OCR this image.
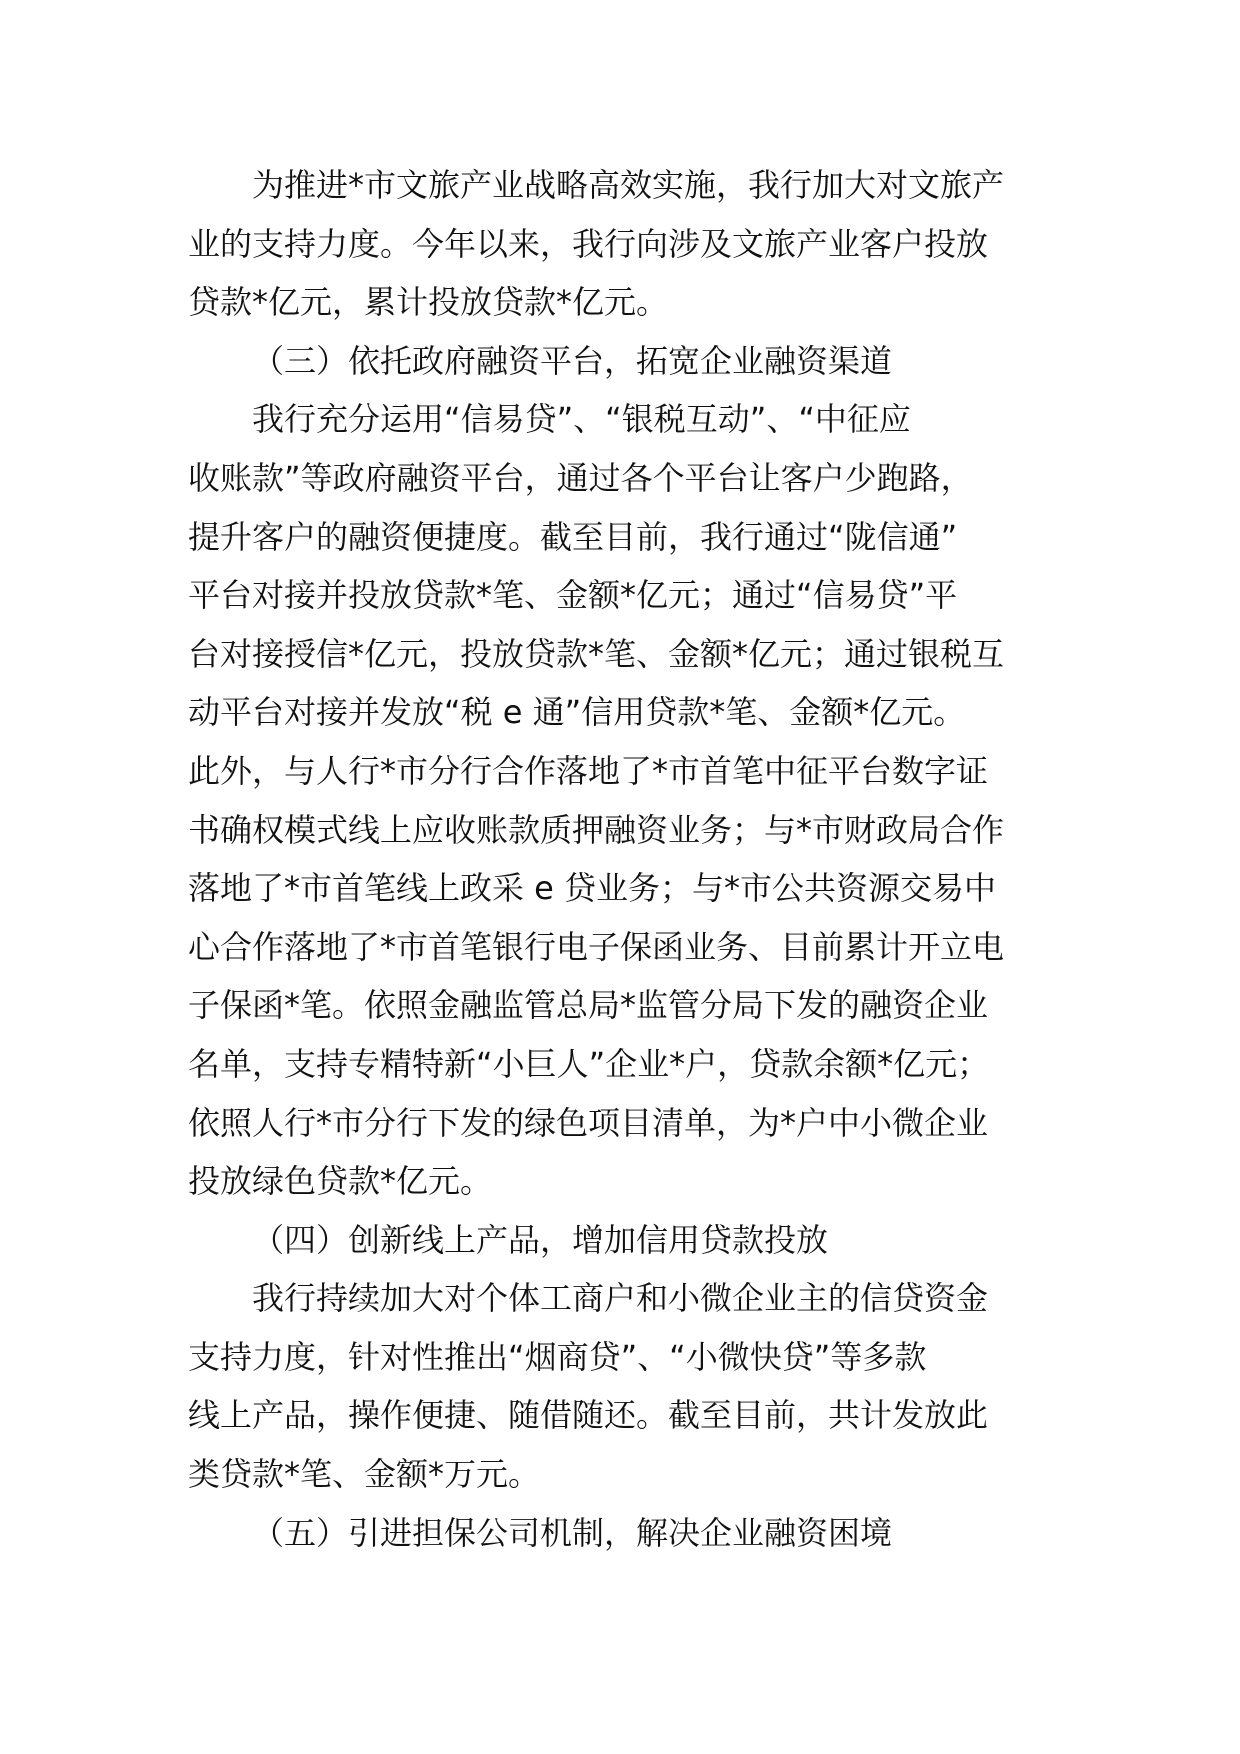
为推进*市文旅产业战略高效实施，我行加大对文旅产
业的支持力度。今年以来，我行向涉及文旅产业客户投放
贷款*亿元，累计投放贷款*亿元。
（三）依托政府融资平台，拓宽企业融资渠道
我行充分运用“信易贷”、“银税互动”、“中征应
收账款”等政府融资平台，通过各个平台让客户少跑路，
提升客户的融资便捷度。截至目前，我行通过“陇信通”
平台对接并投放贷款*笔、金额*亿元；通过“信易贷”平
台对接授信*亿元，投放贷款*笔、金额*亿元；通过银税互
动平台对接并发放“税 e 通”信用贷款*笔、金额*亿元。
此外，与人行*市分行合作落地了*市首笔中征平台数字证
书确权模式线上应收账款质押融资业务；与*市财政局合作
落地了*市首笔线上政采 e 贷业务；与*市公共资源交易中
心合作落地了*市首笔银行电子保函业务、目前累计开立电
子保函*笔。依照金融监管总局*监管分局下发的融资企业
名单，支持专精特新“小巨人”企业*户，贷款余额*亿元；
依照人行*市分行下发的绿色项目清单，为*户中小微企业
投放绿色贷款*亿元。
（四）创新线上产品，增加信用贷款投放
我行持续加大对个体工商户和小微企业主的信贷资金
支持力度，针对性推出“烟商贷”、“小微快贷”等多款
线上产品，操作便捷、随借随还。截至目前，共计发放此
类贷款*笔、金额*万元。
（五）引进担保公司机制，解决企业融资困境
